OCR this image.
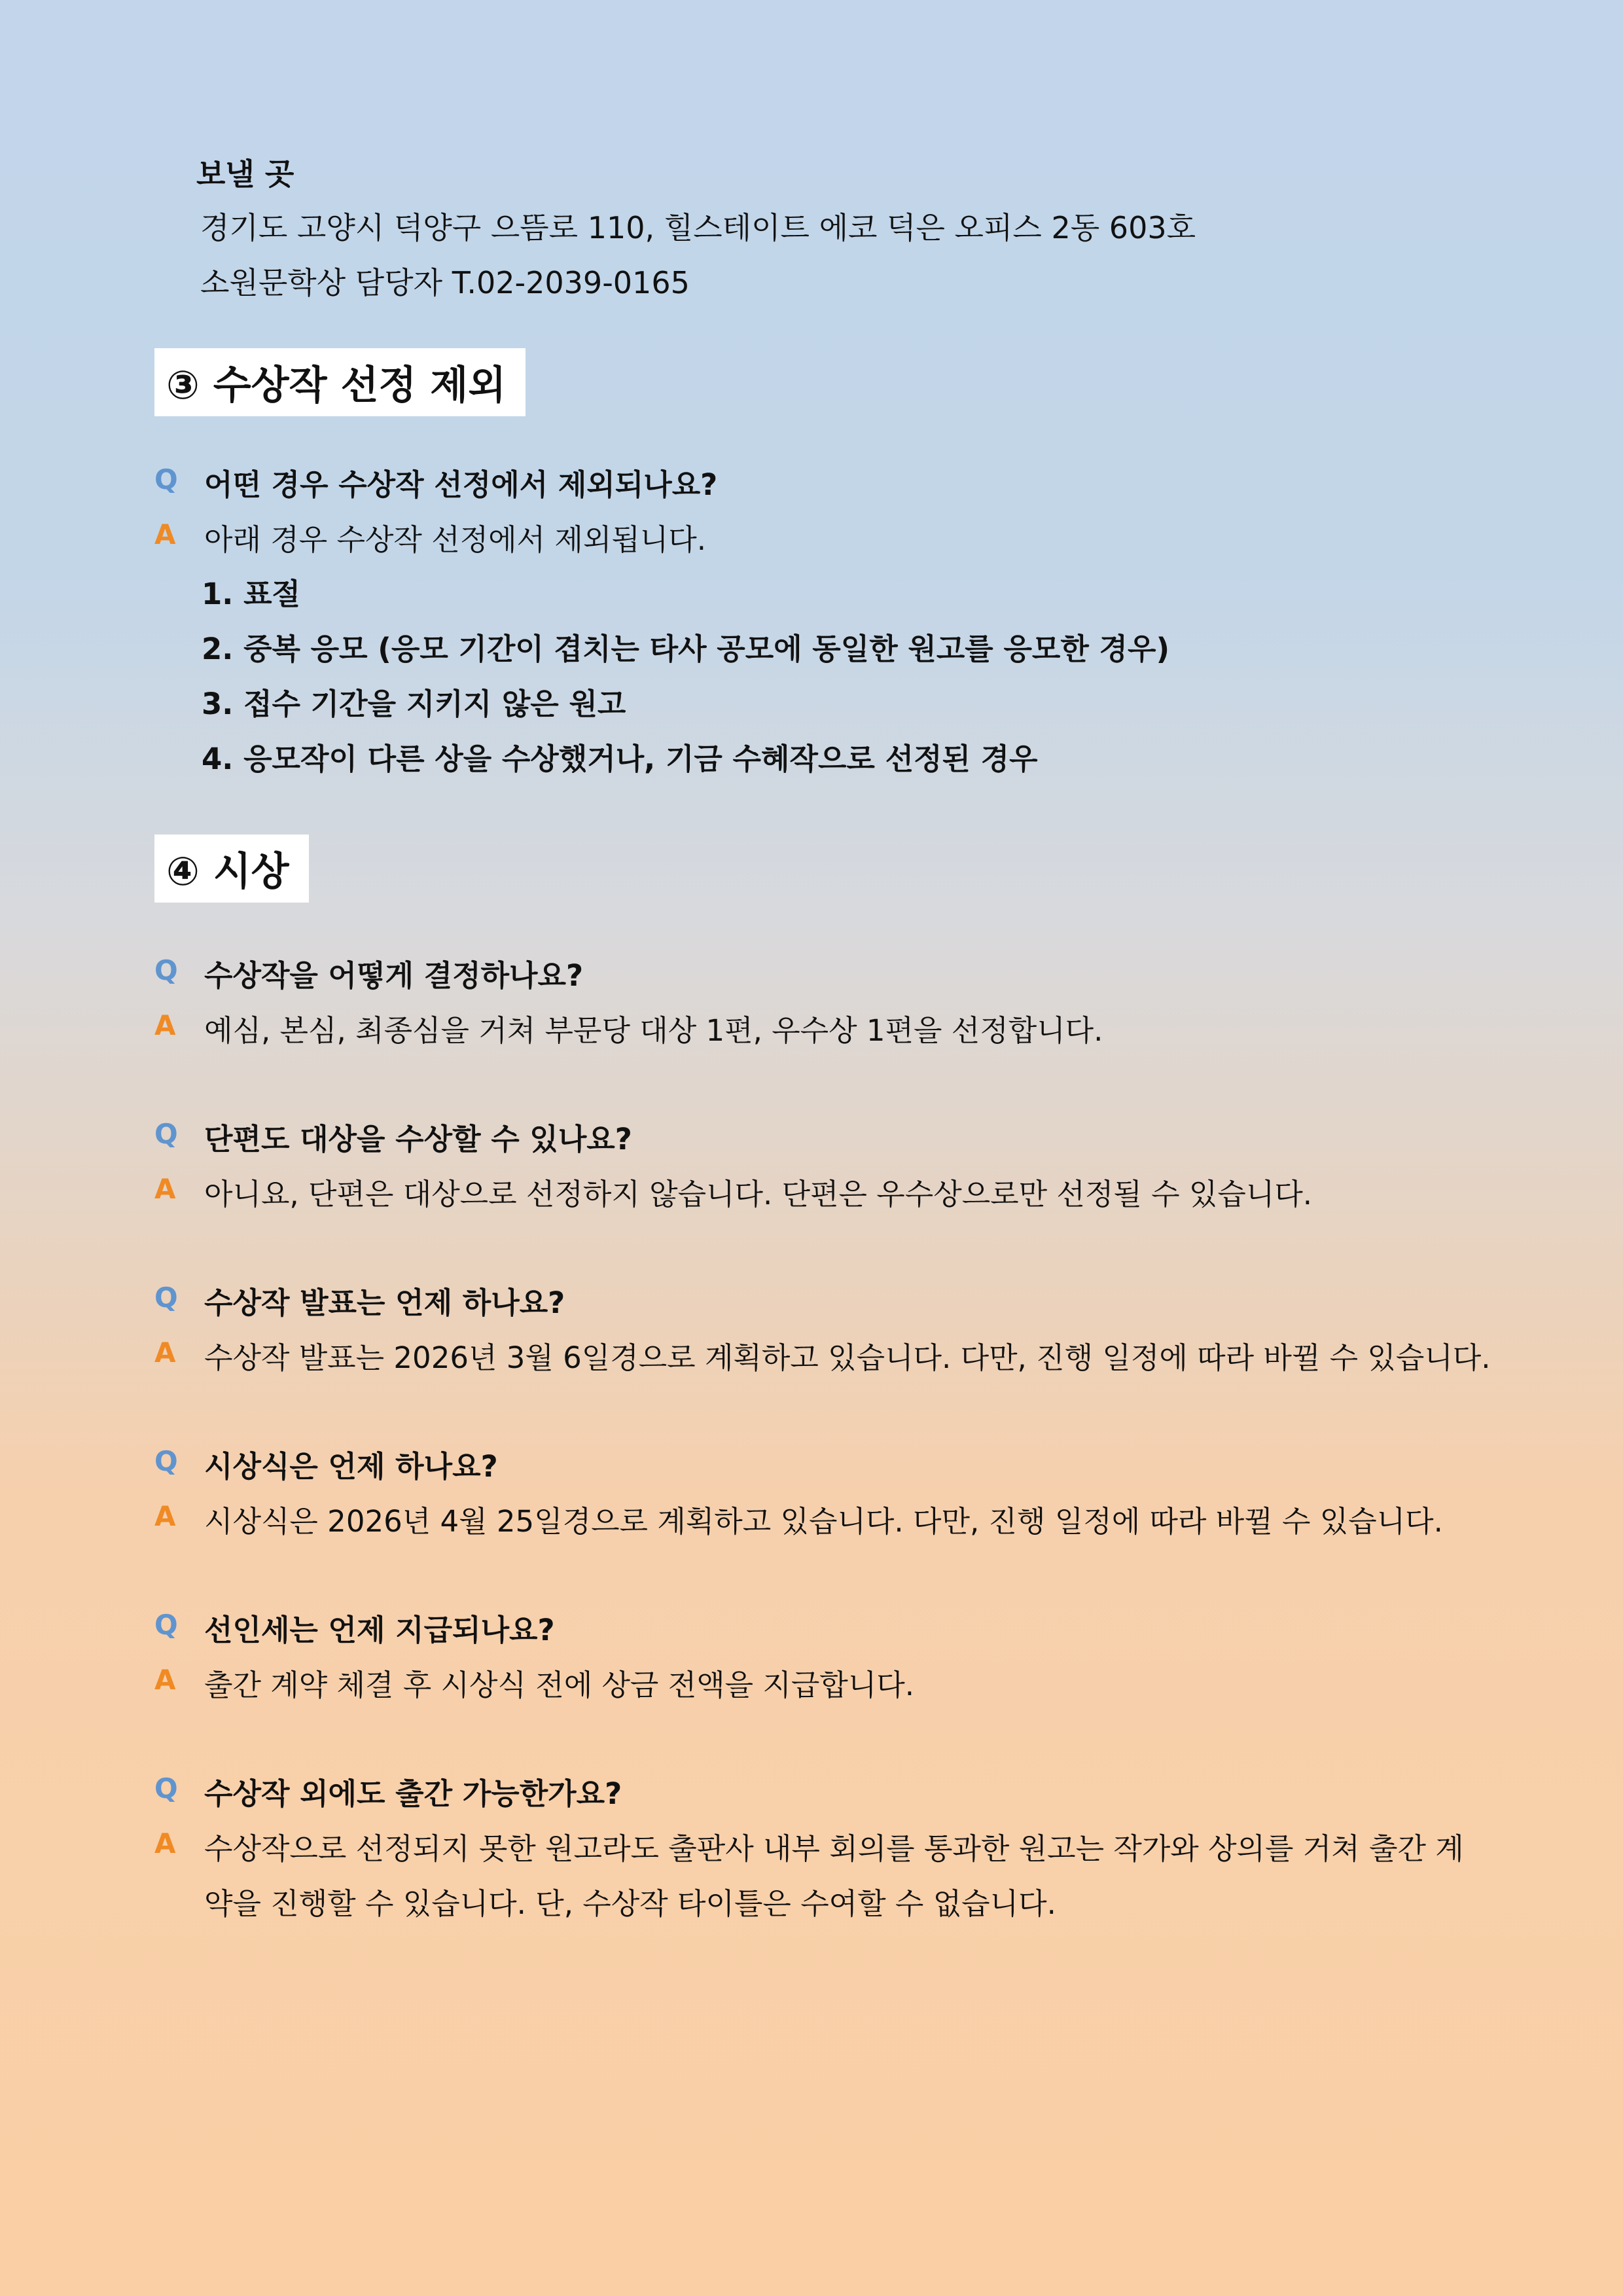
보낼 곳
경기도 고양시 덕양구 으뜸로 110, 힐스테이트 에코 덕은 오피스 2동 603호
소원문학상 담당자 T.02-2039-0165
③ 수상작 선정 제외
Q 어떤 경우 수상작 선정에서 제외되나요?
A 아래 경우 수상작 선정에서 제외됩니다.
1. 표절
2. 중복 응모 (응모 기간이 겹치는 타사 공모에 동일한 원고를 응모한 경우)
3. 접수 기간을 지키지 않은 원고
4. 응모작이 다른 상을 수상했거나, 기금 수혜작으로 선정된 경우
④ 시상
Q 수상작을 어떻게 결정하나요?
A 예심, 본심, 최종심을 거쳐 부문당 대상 1편, 우수상 1편을 선정합니다.
Q 단편도 대상을 수상할 수 있나요?
A 아니요, 단편은 대상으로 선정하지 않습니다. 단편은 우수상으로만 선정될 수 있습니다.
Q 수상작 발표는 언제 하나요?
A 수상작 발표는 2026년 3월 6일경으로 계획하고 있습니다. 다만, 진행 일정에 따라 바뀔 수 있습니다.
Q 시상식은 언제 하나요?
A 시상식은 2026년 4월 25일경으로 계획하고 있습니다. 다만, 진행 일정에 따라 바뀔 수 있습니다.
Q 선인세는 언제 지급되나요?
A 출간 계약 체결 후 시상식 전에 상금 전액을 지급합니다.
Q 수상작 외에도 출간 가능한가요?
A 수상작으로 선정되지 못한 원고라도 출판사 내부 회의를 통과한 원고는 작가와 상의를 거쳐 출간 계
약을 진행할 수 있습니다. 단, 수상작 타이틀은 수여할 수 없습니다.
